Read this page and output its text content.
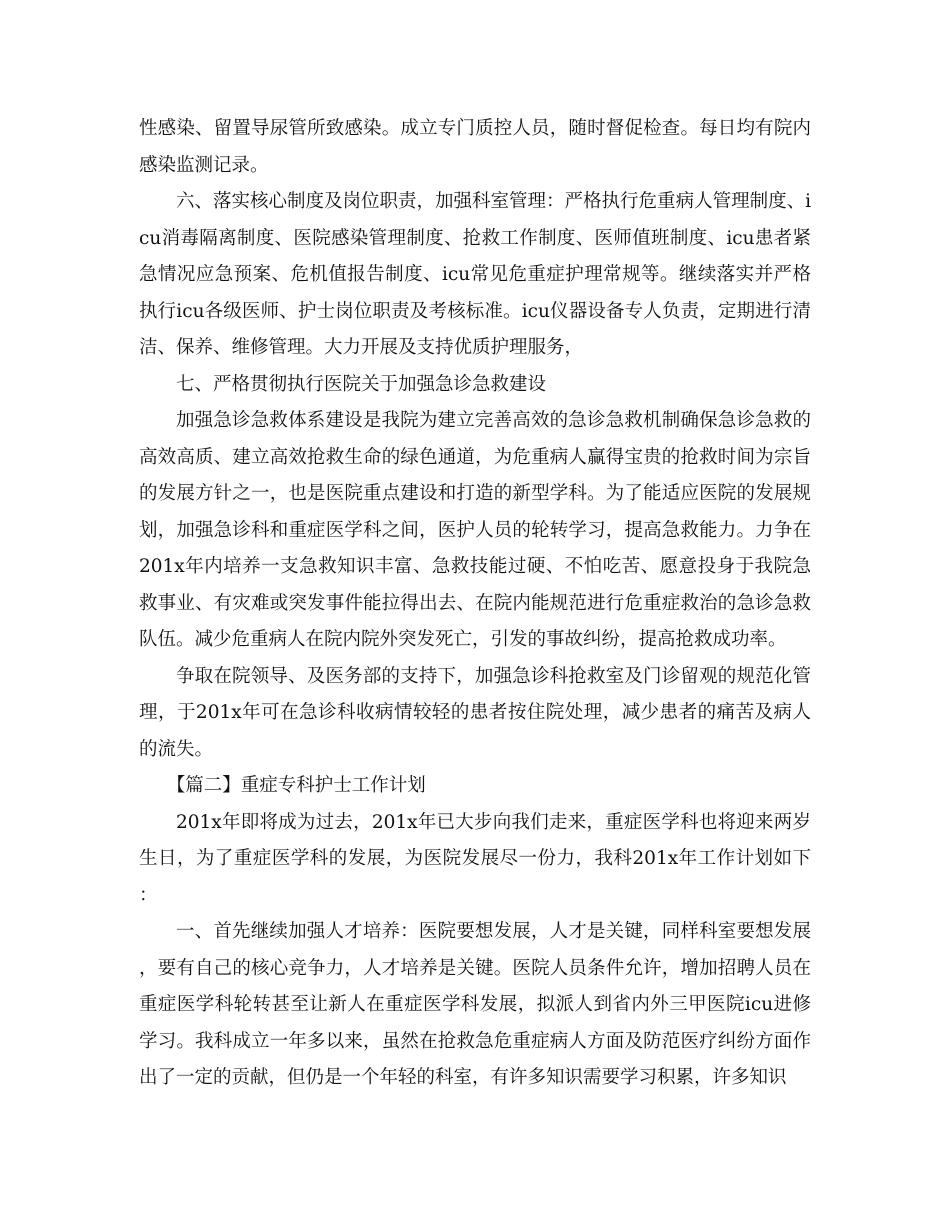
性感染、留置导尿管所致感染。成立专门质控人员，随时督促检查。每日均有院内感染监测记录。

六、落实核心制度及岗位职责，加强科室管理：严格执行危重病人管理制度、icu消毒隔离制度、医院感染管理制度、抢救工作制度、医师值班制度、icu患者紧急情况应急预案、危机值报告制度、icu常见危重症护理常规等。继续落实并严格执行icu各级医师、护士岗位职责及考核标准。icu仪器设备专人负责，定期进行清洁、保养、维修管理。大力开展及支持优质护理服务，

七、严格贯彻执行医院关于加强急诊急救建设

加强急诊急救体系建设是我院为建立完善高效的急诊急救机制确保急诊急救的高效高质、建立高效抢救生命的绿色通道，为危重病人赢得宝贵的抢救时间为宗旨的发展方针之一，也是医院重点建设和打造的新型学科。为了能适应医院的发展规划，加强急诊科和重症医学科之间，医护人员的轮转学习，提高急救能力。力争在201x年内培养一支急救知识丰富、急救技能过硬、不怕吃苦、愿意投身于我院急救事业、有灾难或突发事件能拉得出去、在院内能规范进行危重症救治的急诊急救队伍。减少危重病人在院内院外突发死亡，引发的事故纠纷，提高抢救成功率。

争取在院领导、及医务部的支持下，加强急诊科抢救室及门诊留观的规范化管理，于201x年可在急诊科收病情较轻的患者按住院处理，减少患者的痛苦及病人的流失。

【篇二】重症专科护士工作计划

201x年即将成为过去，201x年已大步向我们走来，重症医学科也将迎来两岁生日，为了重症医学科的发展，为医院发展尽一份力，我科201x年工作计划如下：

一、首先继续加强人才培养：医院要想发展，人才是关键，同样科室要想发展，要有自己的核心竞争力，人才培养是关键。医院人员条件允许，增加招聘人员在重症医学科轮转甚至让新人在重症医学科发展，拟派人到省内外三甲医院icu进修学习。我科成立一年多以来，虽然在抢救急危重症病人方面及防范医疗纠纷方面作出了一定的贡献，但仍是一个年轻的科室，有许多知识需要学习积累，许多知识
